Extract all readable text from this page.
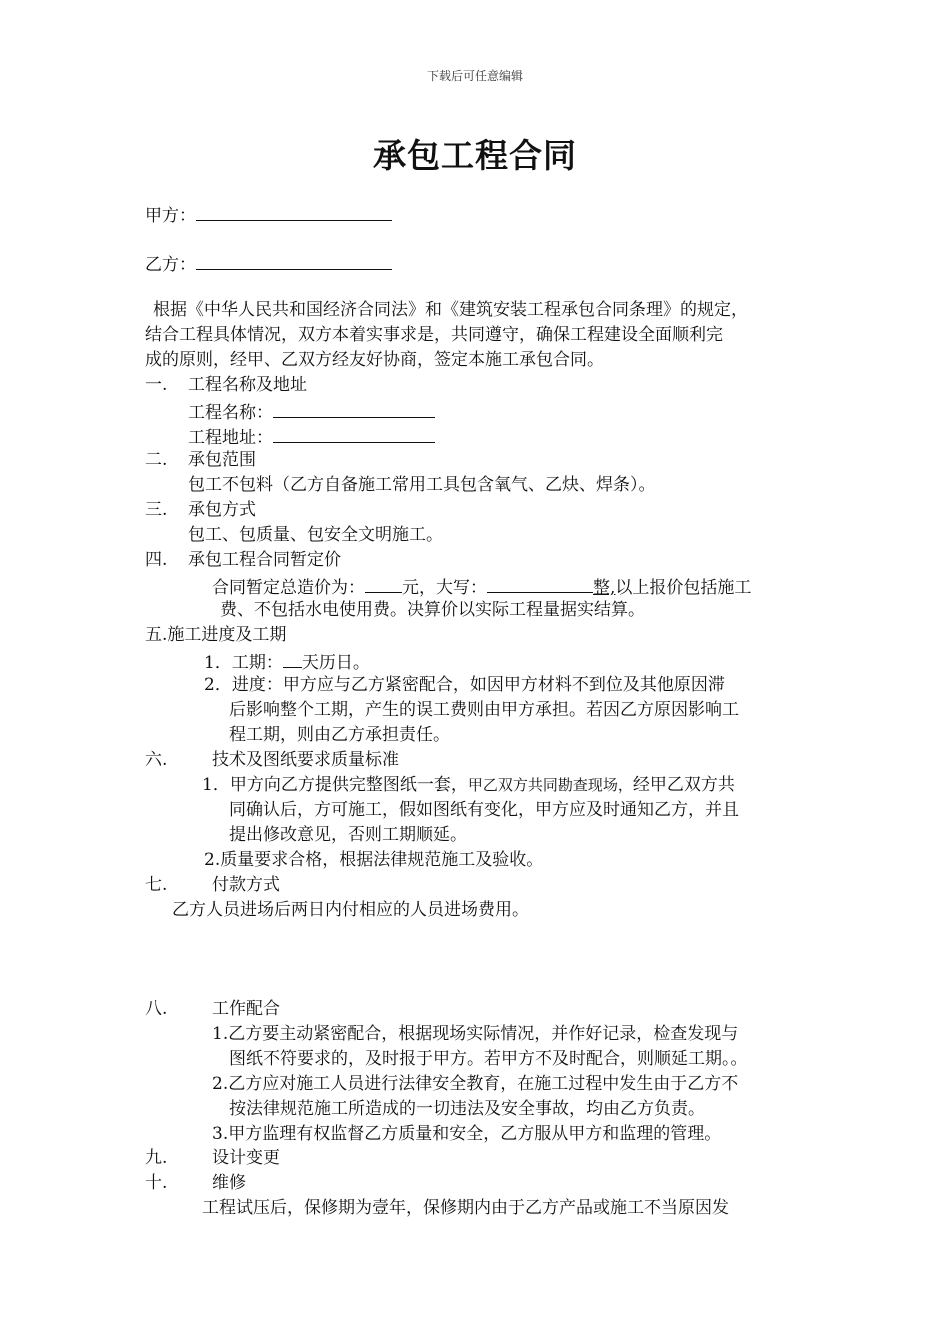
下载后可任意编辑
承包工程合同
甲方：
乙方：
根据《中华人民共和国经济合同法》和《建筑安装工程承包合同条理》的规定，
结合工程具体情况，双方本着实事求是，共同遵守，确保工程建设全面顺利完
成的原则，经甲、乙双方经友好协商，签定本施工承包合同。
一. 工程名称及地址
工程名称：
工程地址：
二. 承包范围
包工不包料（乙方自备施工常用工具包含氧气、乙炔、焊条）。
三. 承包方式
包工、包质量、包安全文明施工。
四. 承包工程合同暂定价
合同暂定总造价为： 元，大写：	整,以上报价包括施工
费、不包括水电使用费。决算价以实际工程量据实结算。
五.施工进度及工期
1．工期： 天历日。
2．进度：甲方应与乙方紧密配合，如因甲方材料不到位及其他原因滞
后影响整个工期，产生的误工费则由甲方承担。若因乙方原因影响工
程工期，则由乙方承担责任。
六.	技术及图纸要求质量标准
1．甲方向乙方提供完整图纸一套，甲乙双方共同勘查现场，经甲乙双方共
同确认后，方可施工，假如图纸有变化，甲方应及时通知乙方，并且
提出修改意见，否则工期顺延。
2.质量要求合格，根据法律规范施工及验收。
七.	付款方式
乙方人员进场后两日内付相应的人员进场费用。
八.	工作配合
1.乙方要主动紧密配合，根据现场实际情况，并作好记录，检查发现与
图纸不符要求的，及时报于甲方。若甲方不及时配合，则顺延工期。。
2.乙方应对施工人员进行法律安全教育，在施工过程中发生由于乙方不
按法律规范施工所造成的一切违法及安全事故，均由乙方负责。
3.甲方监理有权监督乙方质量和安全，乙方服从甲方和监理的管理。
九.	设计变更
十.	维修
工程试压后，保修期为壹年，保修期内由于乙方产品或施工不当原因发
